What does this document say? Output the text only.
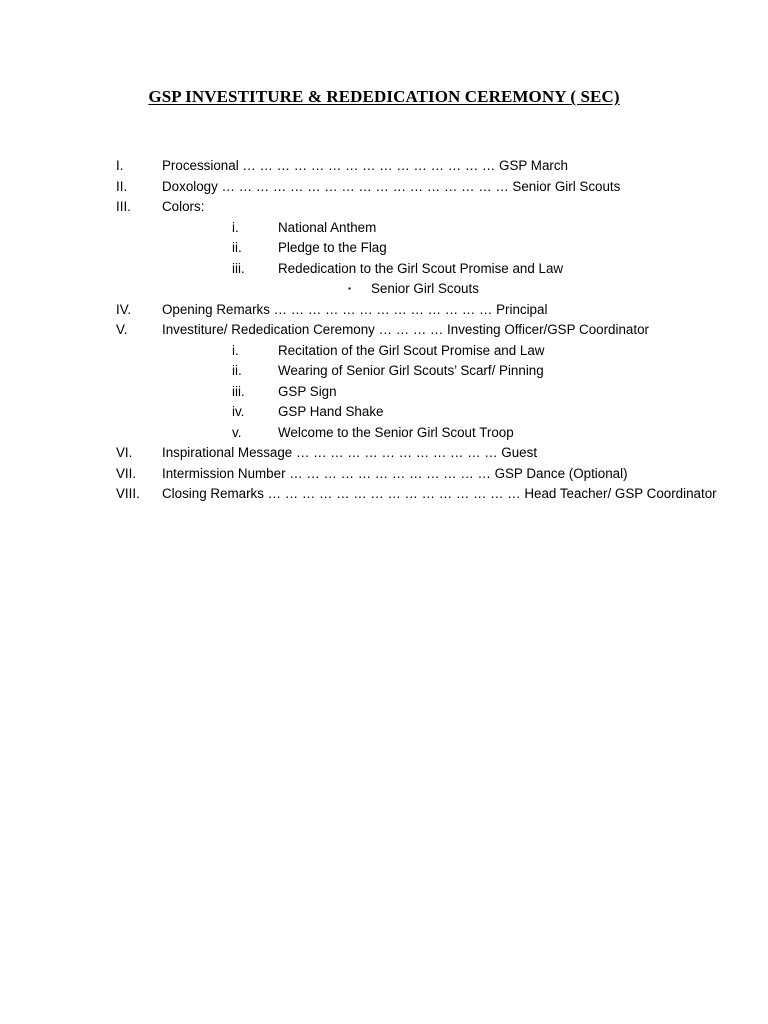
GSP INVESTITURE & REDEDICATION CEREMONY ( SEC)
I.	Processional … … … … … … … … … … … … … … … GSP March
II.	Doxology … … … … … … … … … … … … … … … … … Senior Girl Scouts
III. Colors:
i.	National Anthem
ii.	Pledge to the Flag
iii. Rededication to the Girl Scout Promise and Law
▪ Senior Girl Scouts
IV. Opening Remarks … … … … … … … … … … … … … Principal
V.	Investiture/ Rededication Ceremony … … … … Investing Officer/GSP Coordinator
i.	Recitation of the Girl Scout Promise and Law
ii.	Wearing of Senior Girl Scouts’ Scarf/ Pinning
iii. GSP Sign
iv.	GSP Hand Shake
v.	Welcome to the Senior Girl Scout Troop
VI. Inspirational Message … … … … … … … … … … … … Guest
VII. Intermission Number … … … … … … … … … … … … GSP Dance (Optional)
VIII. Closing Remarks … … … … … … … … … … … … … … … Head Teacher/ GSP Coordinator
